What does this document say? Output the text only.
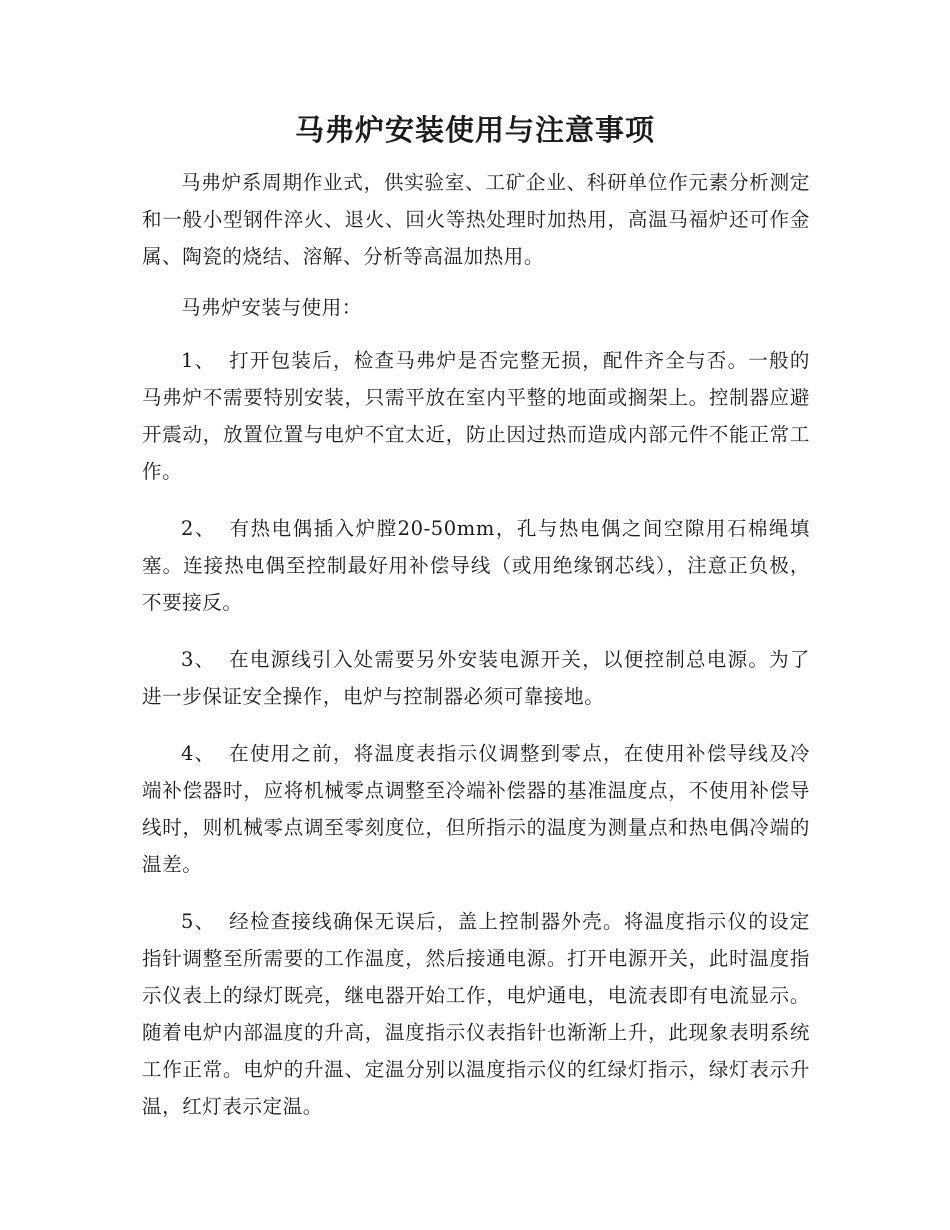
马弗炉安装使用与注意事项

马弗炉系周期作业式，供实验室、工矿企业、科研单位作元素分析测定和一般小型钢件淬火、退火、回火等热处理时加热用，高温马福炉还可作金属、陶瓷的烧结、溶解、分析等高温加热用。

马弗炉安装与使用：

1、 打开包装后，检查马弗炉是否完整无损，配件齐全与否。一般的马弗炉不需要特别安装，只需平放在室内平整的地面或搁架上。控制器应避开震动，放置位置与电炉不宜太近，防止因过热而造成内部元件不能正常工作。

2、 有热电偶插入炉膛20-50mm，孔与热电偶之间空隙用石棉绳填塞。连接热电偶至控制最好用补偿导线（或用绝缘钢芯线），注意正负极，不要接反。

3、 在电源线引入处需要另外安装电源开关，以便控制总电源。为了进一步保证安全操作，电炉与控制器必须可靠接地。

4、 在使用之前，将温度表指示仪调整到零点，在使用补偿导线及冷端补偿器时，应将机械零点调整至冷端补偿器的基准温度点，不使用补偿导线时，则机械零点调至零刻度位，但所指示的温度为测量点和热电偶冷端的温差。

5、 经检查接线确保无误后，盖上控制器外壳。将温度指示仪的设定指针调整至所需要的工作温度，然后接通电源。打开电源开关，此时温度指示仪表上的绿灯既亮，继电器开始工作，电炉通电，电流表即有电流显示。随着电炉内部温度的升高，温度指示仪表指针也渐渐上升，此现象表明系统工作正常。电炉的升温、定温分别以温度指示仪的红绿灯指示，绿灯表示升温，红灯表示定温。
